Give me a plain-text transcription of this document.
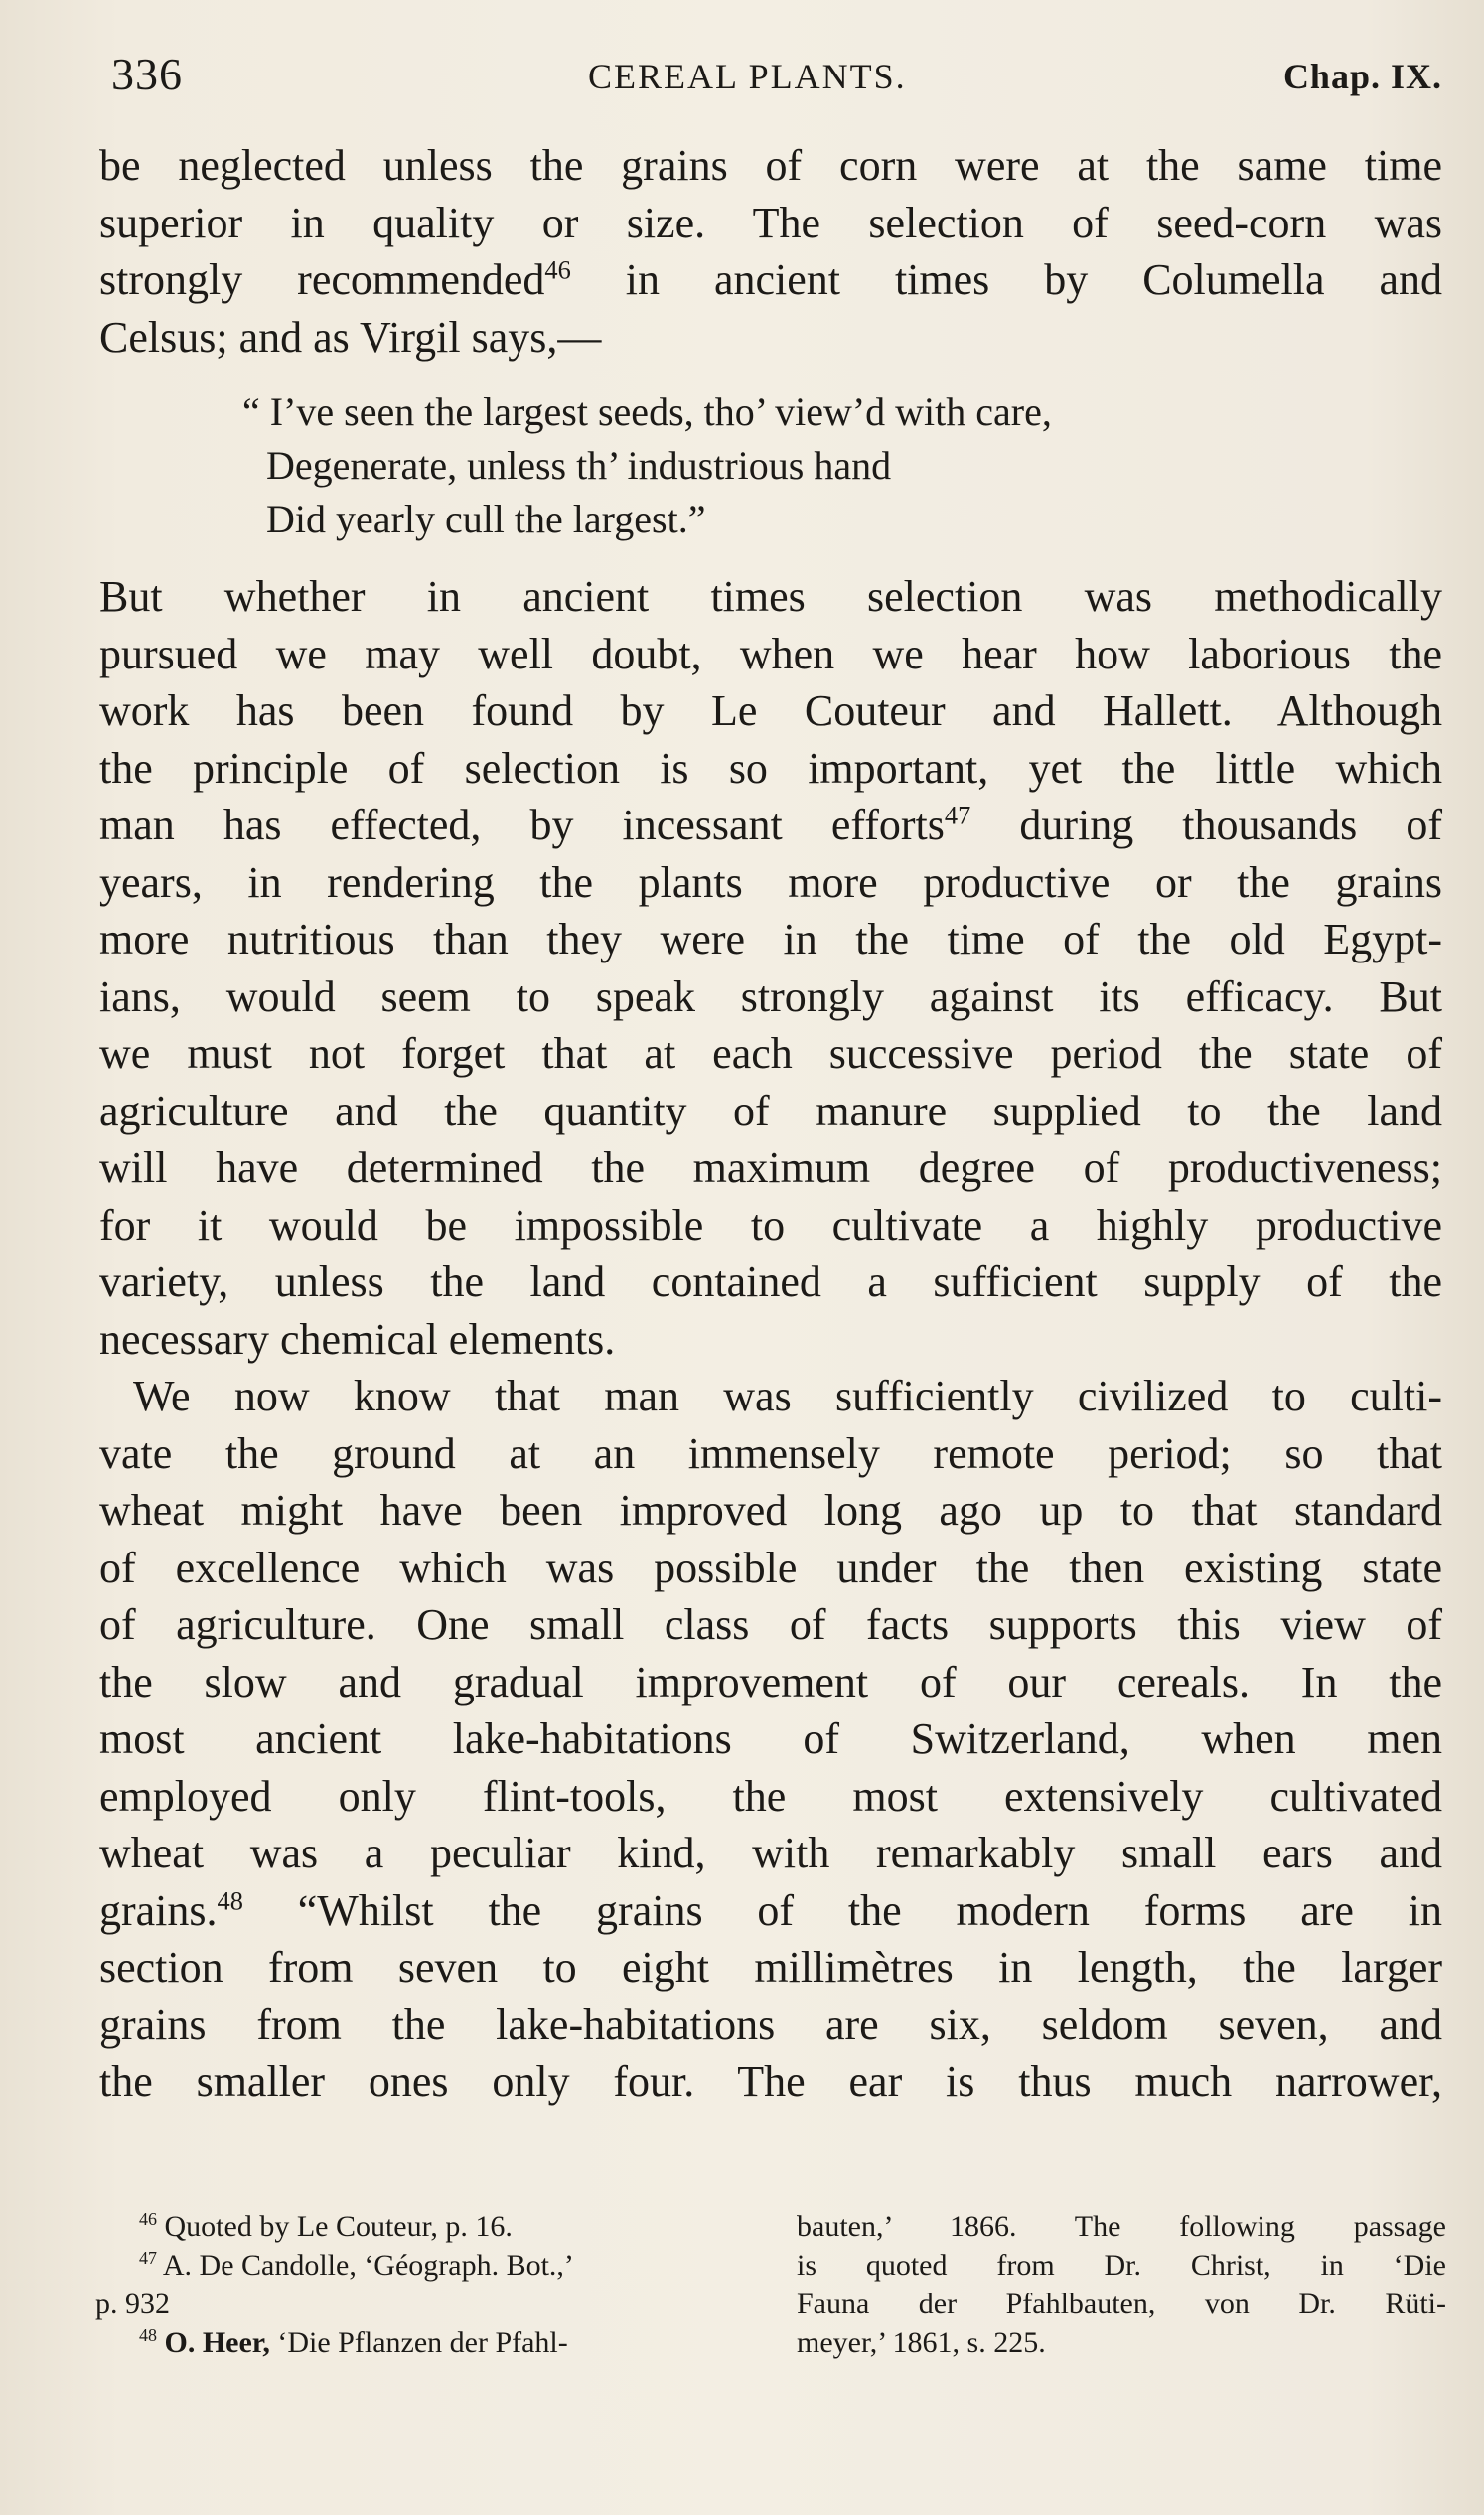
336	CEREAL PLANTS.	Chap. IX.
be neglected unless the grains of corn were at the same time
superior in quality or size. The selection of seed-corn was
strongly recommended$^{46}$ in ancient times by Columella and
Celsus; and as Virgil says,—
“ I’ve seen the largest seeds, tho’ view’d with care,
Degenerate, unless th’ industrious hand
Did yearly cull the largest.”
But whether in ancient times selection was methodically
pursued we may well doubt, when we hear how laborious the
work has been found by Le Couteur and Hallett. Although
the principle of selection is so important, yet the little which
man has effected, by incessant efforts$^{47}$ during thousands of
years, in rendering the plants more productive or the grains
more nutritious than they were in the time of the old Egypt-
ians, would seem to speak strongly against its efficacy. But
we must not forget that at each successive period the state of
agriculture and the quantity of manure supplied to the land
will have determined the maximum degree of productiveness;
for it would be impossible to cultivate a highly productive
variety, unless the land contained a sufficient supply of the
necessary chemical elements.
We now know that man was sufficiently civilized to culti-
vate the ground at an immensely remote period; so that
wheat might have been improved long ago up to that standard
of excellence which was possible under the then existing state
of agriculture. One small class of facts supports this view of
the slow and gradual improvement of our cereals. In the
most ancient lake-habitations of Switzerland, when men
employed only flint-tools, the most extensively cultivated
wheat was a peculiar kind, with remarkably small ears and
grains.$^{48}$ “Whilst the grains of the modern forms are in
section from seven to eight millimètres in length, the larger
grains from the lake-habitations are six, seldom seven, and
the smaller ones only four. The ear is thus much narrower,
$^{46}$ Quoted by Le Couteur, p. 16.
$^{47}$ A. De Candolle, ‘Géograph. Bot.,’
p. 932
$^{48}$ O. Heer, ‘Die Pflanzen der Pfahl-
bauten,’ 1866. The following passage
is quoted from Dr. Christ, in ‘Die
Fauna der Pfahlbauten, von Dr. Rüti-
meyer,’ 1861, s. 225.
